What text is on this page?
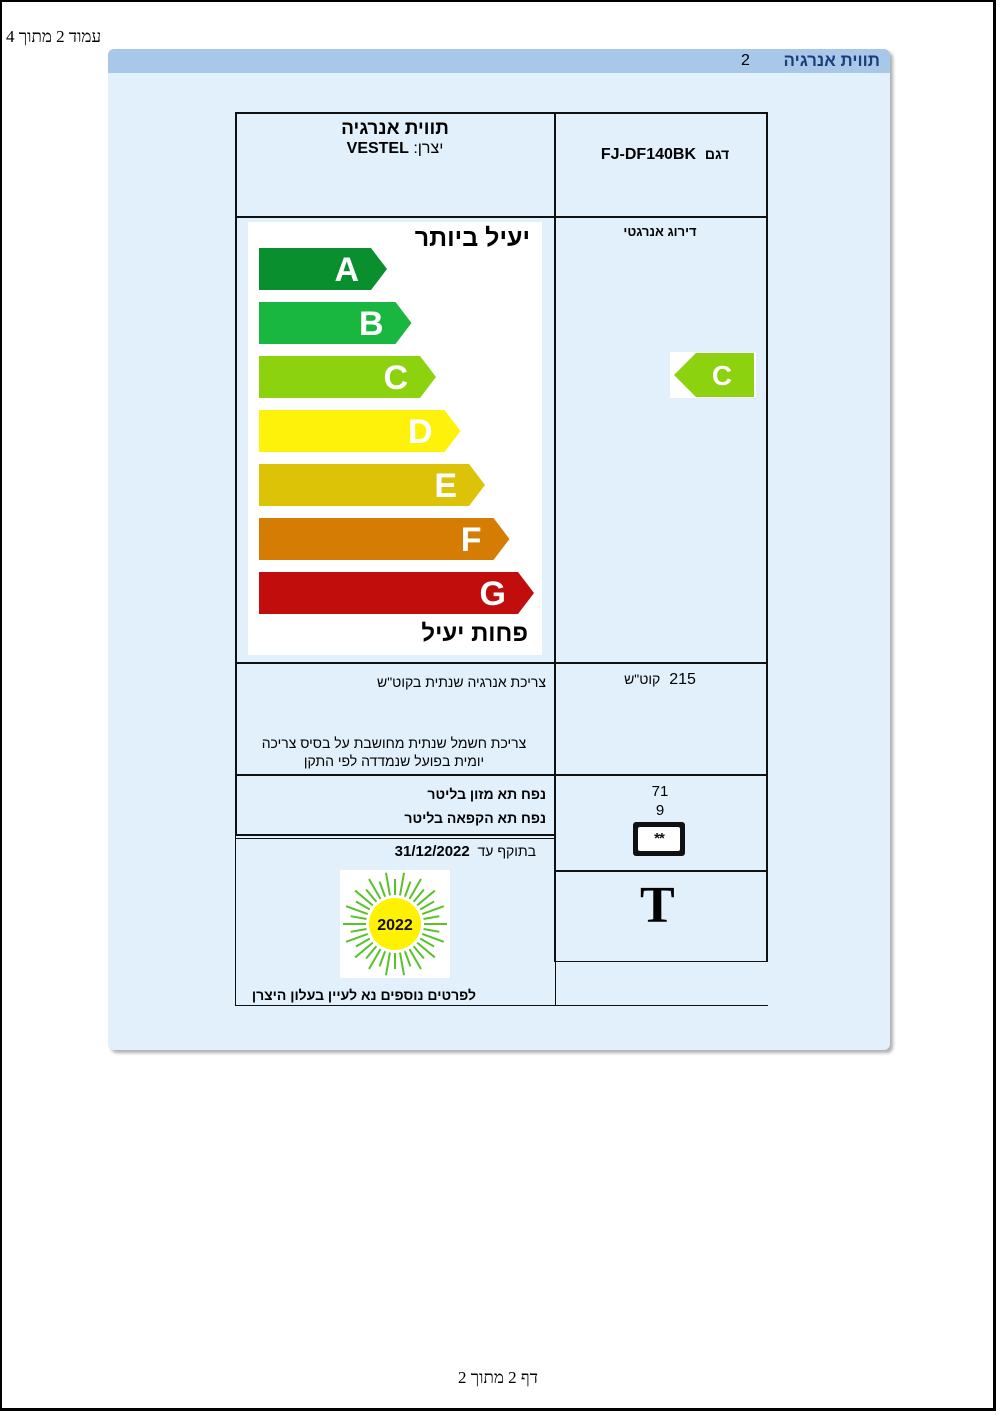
עמוד 2 מתוך 4
2 תווית אנרגיה
תווית אנרגיה
יצרן: VESTEL	דגם  FJ-DF140BK
יעיל ביותר
A
B
C
D
E
F
G
פחות יעיל
דירוג אנרגטי
C
צריכת אנרגיה שנתית בקוט"ש	215  קוט"ש
צריכת חשמל שנתית מחושבת על בסיס צריכה יומית בפועל שנמדדה לפי התקן
נפח תא מזון בליטר
נפח תא הקפאה בליטר
71
9
**
T
בתוקף עד  31/12/2022
2022
לפרטים נוספים נא לעיין בעלון היצרן
דף 2 מתוך 2
